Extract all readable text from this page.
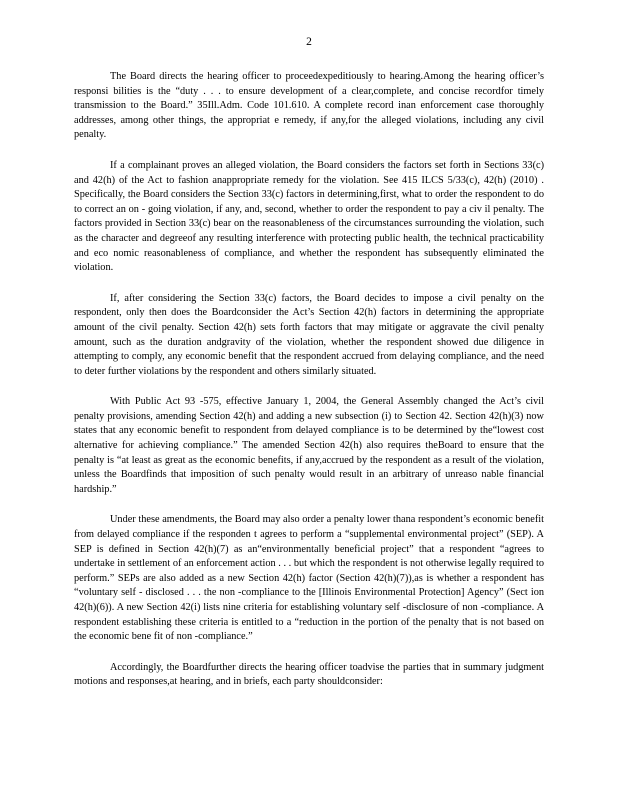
2

The Board directs the hearing officer to proceedexpeditiously to hearing.Among the hearing officer’s responsi bilities is the “duty . . . to ensure development of a clear,complete, and concise recordfor timely transmission to the Board.” 35Ill.Adm. Code 101.610. A complete record inan enforcement case thoroughly addresses, among other things, the appropriat e remedy, if any,for the alleged violations, including any civil penalty.

If a complainant proves an alleged violation, the Board considers the factors set forth in Sections 33(c) and 42(h) of the Act to fashion anappropriate remedy for the violation. See 415 ILCS 5/33(c), 42(h) (2010) . Specifically, the Board considers the Section 33(c) factors in determining,first, what to order the respondent to do to correct an on - going violation, if any, and, second, whether to order the respondent to pay a civ il penalty. The factors provided in Section 33(c) bear on the reasonableness of the circumstances surrounding the violation, such as the character and degreeof any resulting interference with protecting public health, the technical practicability and eco nomic reasonableness of compliance, and whether the respondent has subsequently eliminated the violation.

If, after considering the Section 33(c) factors, the Board decides to impose a civil penalty on the respondent, only then does the Boardconsider the Act’s Section 42(h) factors in determining the appropriate amount of the civil penalty. Section 42(h) sets forth factors that may mitigate or aggravate the civil penalty amount, such as the duration andgravity of the violation, whether the respondent showed due diligence in attempting to comply, any economic benefit that the respondent accrued from delaying compliance, and the need to deter further violations by the respondent and others similarly situated.

With Public Act 93 -575, effective January 1, 2004, the General Assembly changed the Act’s civil penalty provisions, amending Section 42(h) and adding a new subsection (i) to Section 42. Section 42(h)(3) now states that any economic benefit to respondent from delayed compliance is to be determined by the“lowest cost alternative for achieving compliance.” The amended Section 42(h) also requires theBoard to ensure that the penalty is “at least as great as the economic benefits, if any,accrued by the respondent as a result of the violation, unless the Boardfinds that imposition of such penalty would result in an arbitrary of unreaso nable financial hardship.”

Under these amendments, the Board may also order a penalty lower thana respondent’s economic benefit from delayed compliance if the responden t agrees to perform a “supplemental environmental project” (SEP). A SEP is defined in Section 42(h)(7) as an“environmentally beneficial project” that a respondent “agrees to undertake in settlement of an enforcement action . . . but which the respondent is not otherwise legally required to perform.” SEPs are also added as a new Section 42(h) factor (Section 42(h)(7)),as is whether a respondent has “voluntary self - disclosed . . . the non -compliance to the [Illinois Environmental Protection] Agency” (Sect ion 42(h)(6)). A new Section 42(i) lists nine criteria for establishing voluntary self -disclosure of non -compliance. A respondent establishing these criteria is entitled to a “reduction in the portion of the penalty that is not based on the economic bene fit of non -compliance.”

Accordingly, the Boardfurther directs the hearing officer toadvise the parties that in summary judgment motions and responses,at hearing, and in briefs, each party shouldconsider:
